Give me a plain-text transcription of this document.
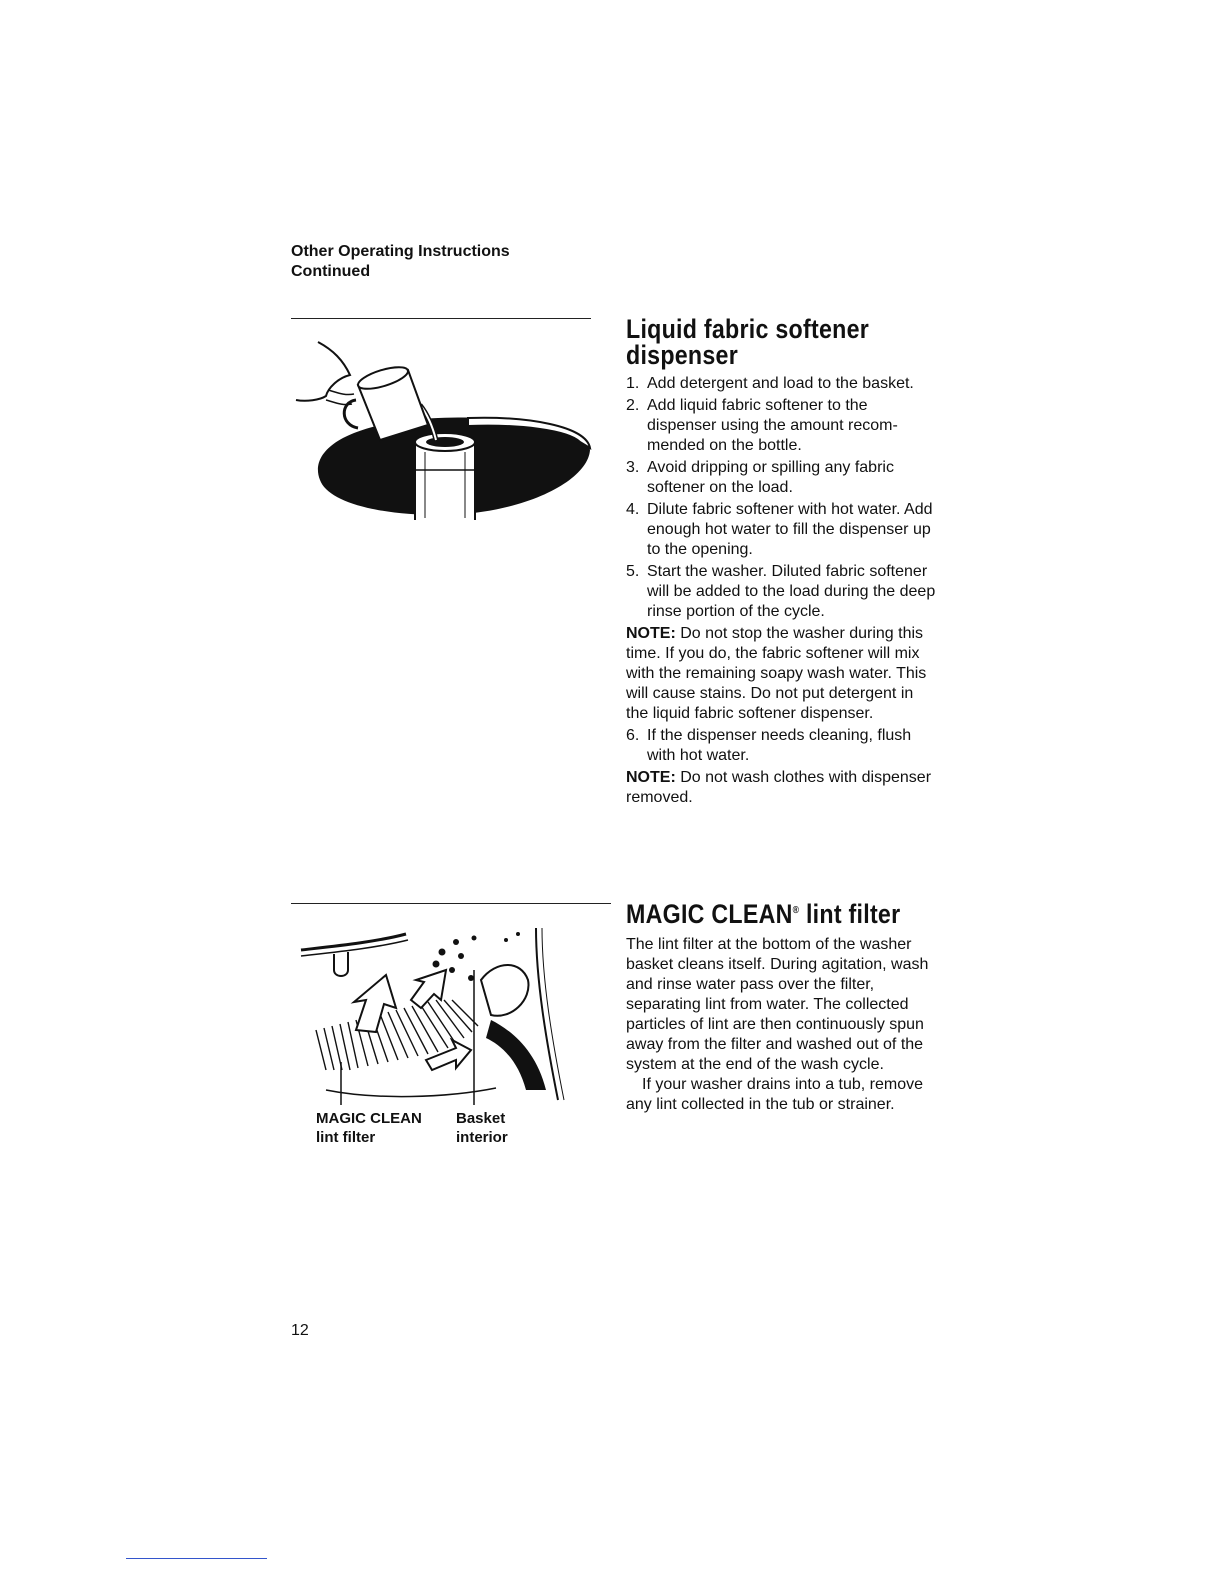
Other Operating Instructions
Continued
Liquid fabric softener
dispenser
1. Add detergent and load to the basket.
2. Add liquid fabric softener to the dispenser using the amount recom-mended on the bottle.
3. Avoid dripping or spilling any fabric softener on the load.
4. Dilute fabric softener with hot water. Add enough hot water to fill the dispenser up to the opening.
5. Start the washer. Diluted fabric softener will be added to the load during the deep rinse portion of the cycle.

NOTE: Do not stop the washer during this time. If you do, the fabric softener will mix with the remaining soapy wash water. This will cause stains. Do not put detergent in the liquid fabric softener dispenser.

6. If the dispenser needs cleaning, flush with hot water.

NOTE: Do not wash clothes with dispenser removed.

MAGIC CLEAN
lint filter
Basket
interior
MAGIC CLEAN® lint filter

The lint filter at the bottom of the washer basket cleans itself. During agitation, wash and rinse water pass over the filter, separating lint from water. The collected particles of lint are then continuously spun away from the filter and washed out of the system at the end of the wash cycle.

If your washer drains into a tub, remove any lint collected in the tub or strainer.

12
